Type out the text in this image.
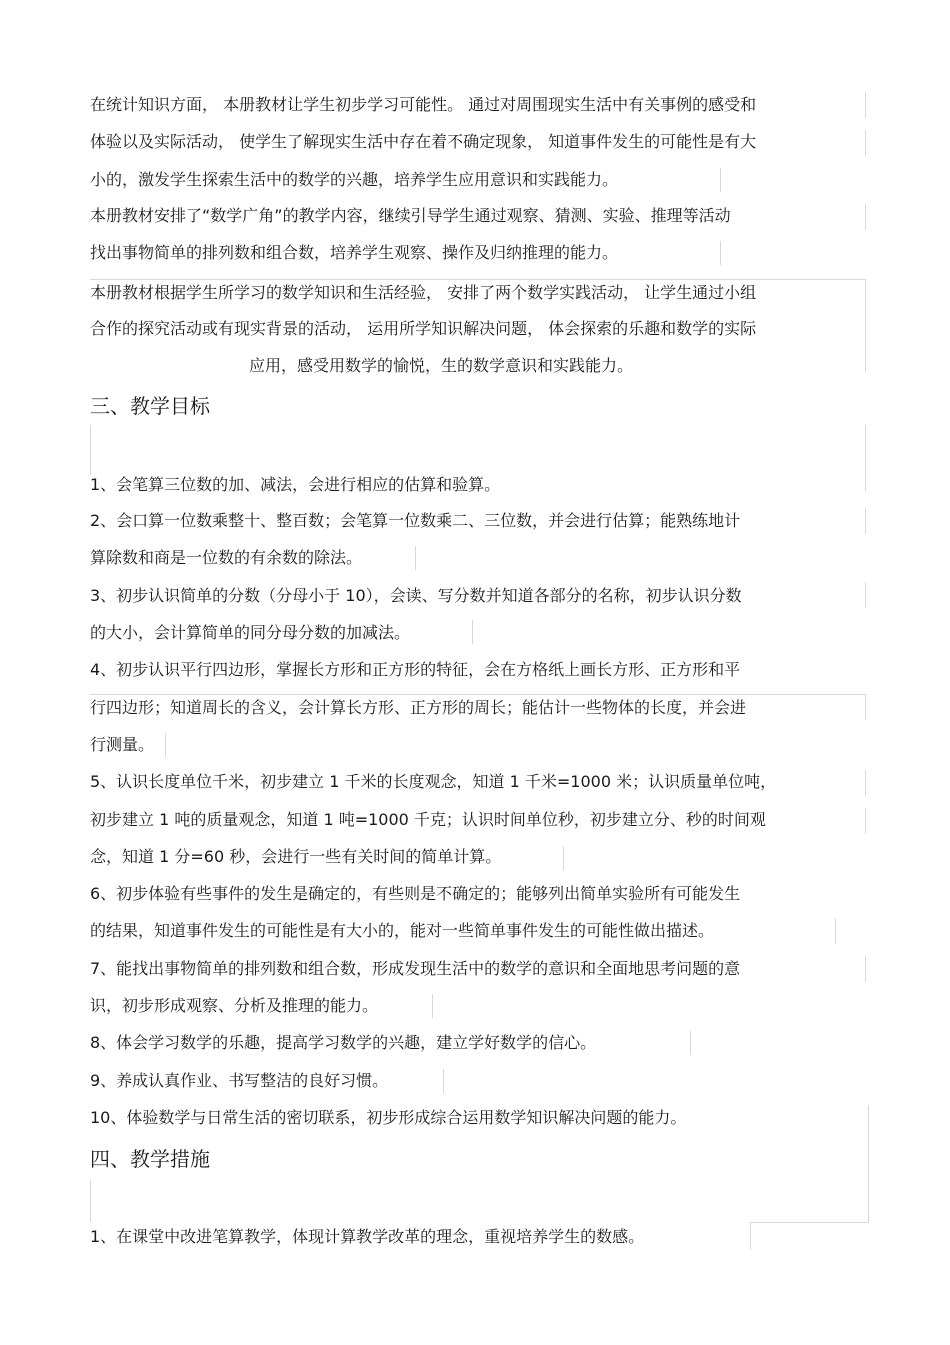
在统计知识方面， 本册教材让学生初步学习可能性。 通过对周围现实生活中有关事例的感受和
体验以及实际活动， 使学生了解现实生活中存在着不确定现象， 知道事件发生的可能性是有大
小的，激发学生探索生活中的数学的兴趣，培养学生应用意识和实践能力。
本册教材安排了“数学广角”的教学内容，继续引导学生通过观察、猜测、实验、推理等活动
找出事物简单的排列数和组合数，培养学生观察、操作及归纳推理的能力。
本册教材根据学生所学习的数学知识和生活经验， 安排了两个数学实践活动， 让学生通过小组
合作的探究活动或有现实背景的活动， 运用所学知识解决问题， 体会探索的乐趣和数学的实际
应用，感受用数学的愉悦，生的数学意识和实践能力。
三、教学目标
1、会笔算三位数的加、减法，会进行相应的估算和验算。
2、会口算一位数乘整十、整百数；会笔算一位数乘二、三位数，并会进行估算；能熟练地计
算除数和商是一位数的有余数的除法。
3、初步认识简单的分数（分母小于 10），会读、写分数并知道各部分的名称，初步认识分数
的大小，会计算简单的同分母分数的加减法。
4、初步认识平行四边形，掌握长方形和正方形的特征，会在方格纸上画长方形、正方形和平
行四边形；知道周长的含义，会计算长方形、正方形的周长；能估计一些物体的长度，并会进
行测量。
5、认识长度单位千米，初步建立 1 千米的长度观念，知道 1 千米=1000 米；认识质量单位吨，
初步建立 1 吨的质量观念，知道 1 吨=1000 千克；认识时间单位秒，初步建立分、秒的时间观
念，知道 1 分=60 秒，会进行一些有关时间的简单计算。
6、初步体验有些事件的发生是确定的，有些则是不确定的；能够列出简单实验所有可能发生
的结果，知道事件发生的可能性是有大小的，能对一些简单事件发生的可能性做出描述。
7、能找出事物简单的排列数和组合数，形成发现生活中的数学的意识和全面地思考问题的意
识，初步形成观察、分析及推理的能力。
8、体会学习数学的乐趣，提高学习数学的兴趣，建立学好数学的信心。
9、养成认真作业、书写整洁的良好习惯。
10、体验数学与日常生活的密切联系，初步形成综合运用数学知识解决问题的能力。
四、教学措施
1、在课堂中改进笔算教学，体现计算教学改革的理念，重视培养学生的数感。
